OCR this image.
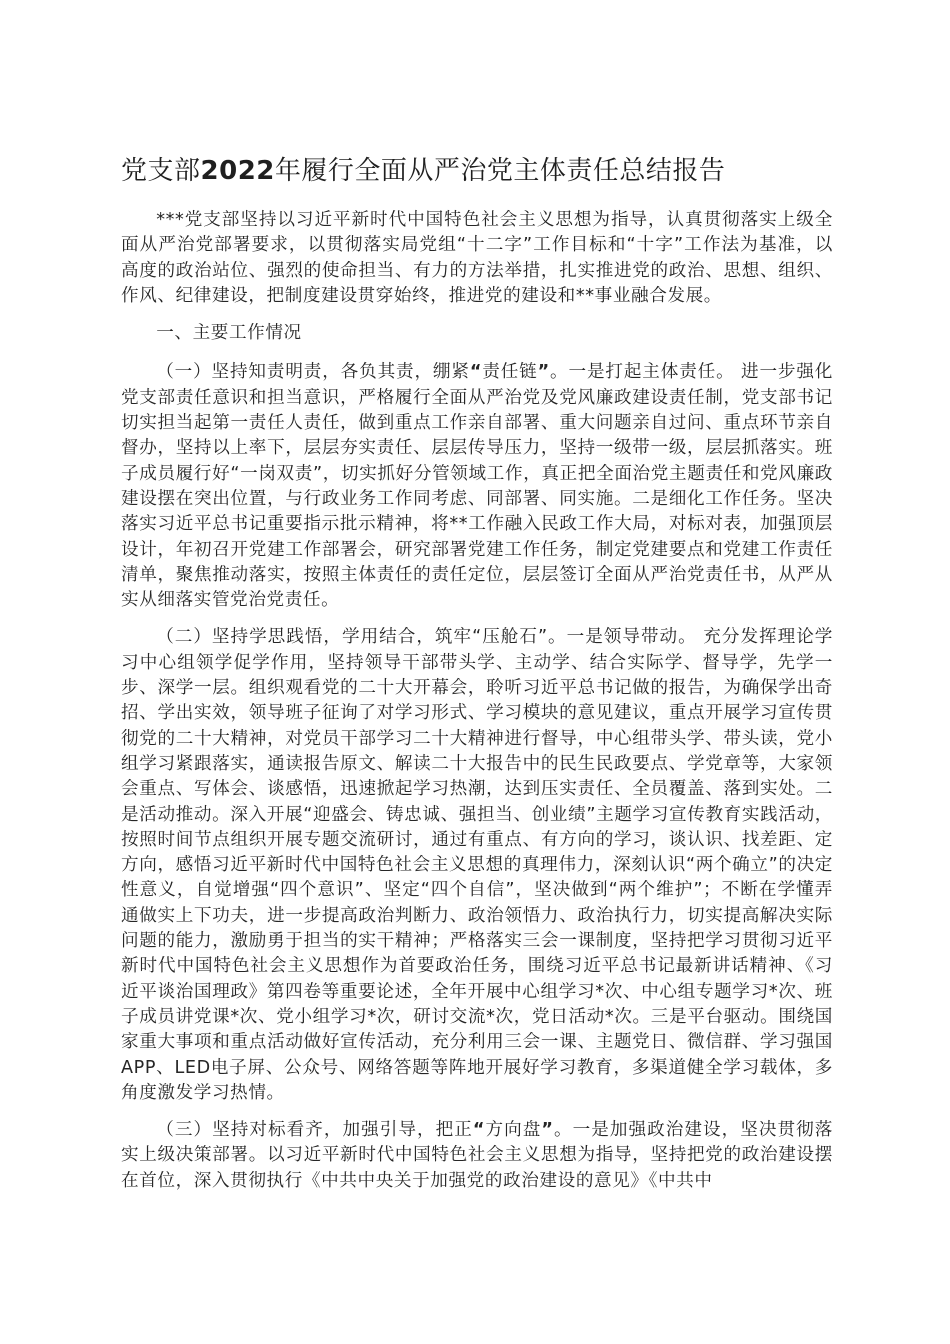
党支部2022年履行全面从严治党主体责任总结报告

***党支部坚持以习近平新时代中国特色社会主义思想为指导，认真贯彻落实上级全面从严治党部署要求，以贯彻落实局党组“十二字”工作目标和“十字”工作法为基准，以高度的政治站位、强烈的使命担当、有力的方法举措，扎实推进党的政治、思想、组织、作风、纪律建设，把制度建设贯穿始终，推进党的建设和**事业融合发展。

一、主要工作情况

（一）坚持知责明责，各负其责，绷紧“责任链”。一是打起主体责任。 进一步强化党支部责任意识和担当意识，严格履行全面从严治党及党风廉政建设责任制，党支部书记切实担当起第一责任人责任，做到重点工作亲自部署、重大问题亲自过问、重点环节亲自督办，坚持以上率下，层层夯实责任、层层传导压力，坚持一级带一级，层层抓落实。班子成员履行好“一岗双责”，切实抓好分管领域工作，真正把全面治党主题责任和党风廉政建设摆在突出位置，与行政业务工作同考虑、同部署、同实施。二是细化工作任务。坚决落实习近平总书记重要指示批示精神，将**工作融入民政工作大局，对标对表，加强顶层设计，年初召开党建工作部署会，研究部署党建工作任务，制定党建要点和党建工作责任清单，聚焦推动落实，按照主体责任的责任定位，层层签订全面从严治党责任书，从严从实从细落实管党治党责任。

（二）坚持学思践悟，学用结合，筑牢“压舱石”。一是领导带动。 充分发挥理论学习中心组领学促学作用，坚持领导干部带头学、主动学、结合实际学、督导学，先学一步、深学一层。组织观看党的二十大开幕会，聆听习近平总书记做的报告，为确保学出奇招、学出实效，领导班子征询了对学习形式、学习模块的意见建议，重点开展学习宣传贯彻党的二十大精神，对党员干部学习二十大精神进行督导，中心组带头学、带头读，党小组学习紧跟落实，通读报告原文、解读二十大报告中的民生民政要点、学党章等，大家领会重点、写体会、谈感悟，迅速掀起学习热潮，达到压实责任、全员覆盖、落到实处。二是活动推动。深入开展“迎盛会、铸忠诚、强担当、创业绩”主题学习宣传教育实践活动，按照时间节点组织开展专题交流研讨，通过有重点、有方向的学习，谈认识、找差距、定方向，感悟习近平新时代中国特色社会主义思想的真理伟力，深刻认识“两个确立”的决定性意义，自觉增强“四个意识”、坚定“四个自信”，坚决做到“两个维护”；不断在学懂弄通做实上下功夫，进一步提高政治判断力、政治领悟力、政治执行力，切实提高解决实际问题的能力，激励勇于担当的实干精神；严格落实三会一课制度，坚持把学习贯彻习近平新时代中国特色社会主义思想作为首要政治任务，围绕习近平总书记最新讲话精神、《习近平谈治国理政》第四卷等重要论述，全年开展中心组学习*次、中心组专题学习*次、班子成员讲党课*次、党小组学习*次，研讨交流*次，党日活动*次。三是平台驱动。围绕国家重大事项和重点活动做好宣传活动，充分利用三会一课、主题党日、微信群、学习强国APP、LED电子屏、公众号、网络答题等阵地开展好学习教育，多渠道健全学习载体，多角度激发学习热情。

（三）坚持对标看齐，加强引导，把正“方向盘”。一是加强政治建设，坚决贯彻落实上级决策部署。以习近平新时代中国特色社会主义思想为指导，坚持把党的政治建设摆在首位，深入贯彻执行《中共中央关于加强党的政治建设的意见》《中共中
